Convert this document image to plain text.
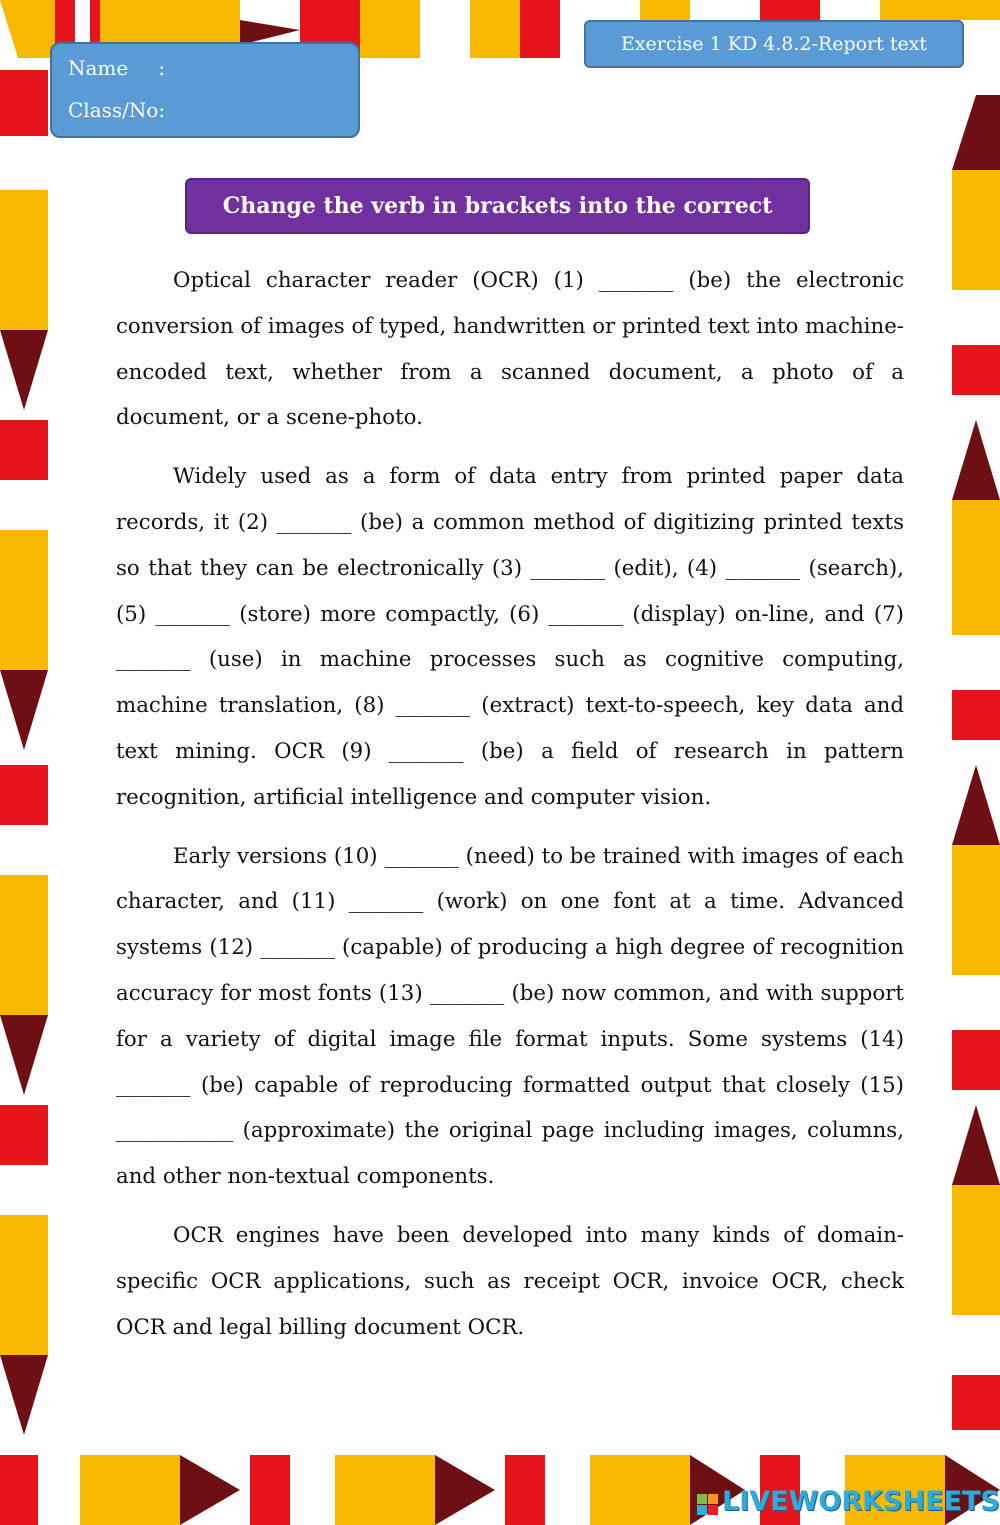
Name :
Class/No:
Exercise 1 KD 4.8.2-Report text
Change the verb in brackets into the correct form!

Optical character reader (OCR) (1) _______ (be) the electronic conversion of images of typed, handwritten or printed text into machine-encoded text, whether from a scanned document, a photo of a document, or a scene-photo.

Widely used as a form of data entry from printed paper data records, it (2) _______ (be) a common method of digitizing printed texts so that they can be electronically (3) _______ (edit), (4) _______ (search), (5) _______ (store) more compactly, (6) _______ (display) on-line, and (7) _______ (use) in machine processes such as cognitive computing, machine translation, (8) _______ (extract) text-to-speech, key data and text mining. OCR (9) _______ (be) a field of research in pattern recognition, artificial intelligence and computer vision.

Early versions (10) _______ (need) to be trained with images of each character, and (11) _______ (work) on one font at a time. Advanced systems (12) _______ (capable) of producing a high degree of recognition accuracy for most fonts (13) _______ (be) now common, and with support for a variety of digital image file format inputs. Some systems (14) _______ (be) capable of reproducing formatted output that closely (15) ___________ (approximate) the original page including images, columns, and other non-textual components.

OCR engines have been developed into many kinds of domain-specific OCR applications, such as receipt OCR, invoice OCR, check OCR and legal billing document OCR.

LIVEWORKSHEETS
